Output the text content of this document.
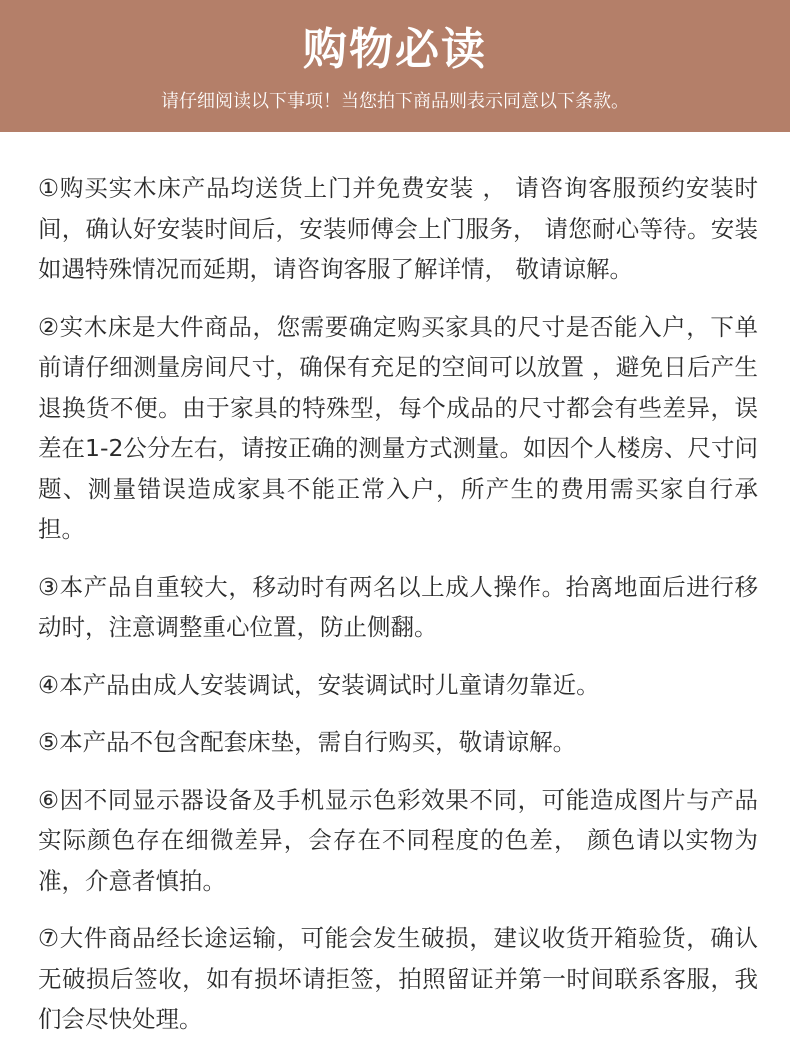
购物必读
请仔细阅读以下事项！当您拍下商品则表示同意以下条款。

①购买实木床产品均送货上门并免费安装 ， 请咨询客服预约安装时间，确认好安装时间后，安装师傅会上门服务， 请您耐心等待。安装如遇特殊情况而延期，请咨询客服了解详情， 敬请谅解。

②实木床是大件商品，您需要确定购买家具的尺寸是否能入户，下单前请仔细测量房间尺寸，确保有充足的空间可以放置 ，避免日后产生退换货不便。由于家具的特殊型，每个成品的尺寸都会有些差异，误差在1-2公分左右，请按正确的测量方式测量。如因个人楼房、尺寸问题、测量错误造成家具不能正常入户，所产生的费用需买家自行承担。

③本产品自重较大，移动时有两名以上成人操作。抬离地面后进行移动时，注意调整重心位置，防止侧翻。

④本产品由成人安装调试，安装调试时儿童请勿靠近。

⑤本产品不包含配套床垫，需自行购买，敬请谅解。

⑥因不同显示器设备及手机显示色彩效果不同，可能造成图片与产品实际颜色存在细微差异，会存在不同程度的色差， 颜色请以实物为准，介意者慎拍。

⑦大件商品经长途运输，可能会发生破损，建议收货开箱验货，确认无破损后签收，如有损坏请拒签，拍照留证并第一时间联系客服，我们会尽快处理。
